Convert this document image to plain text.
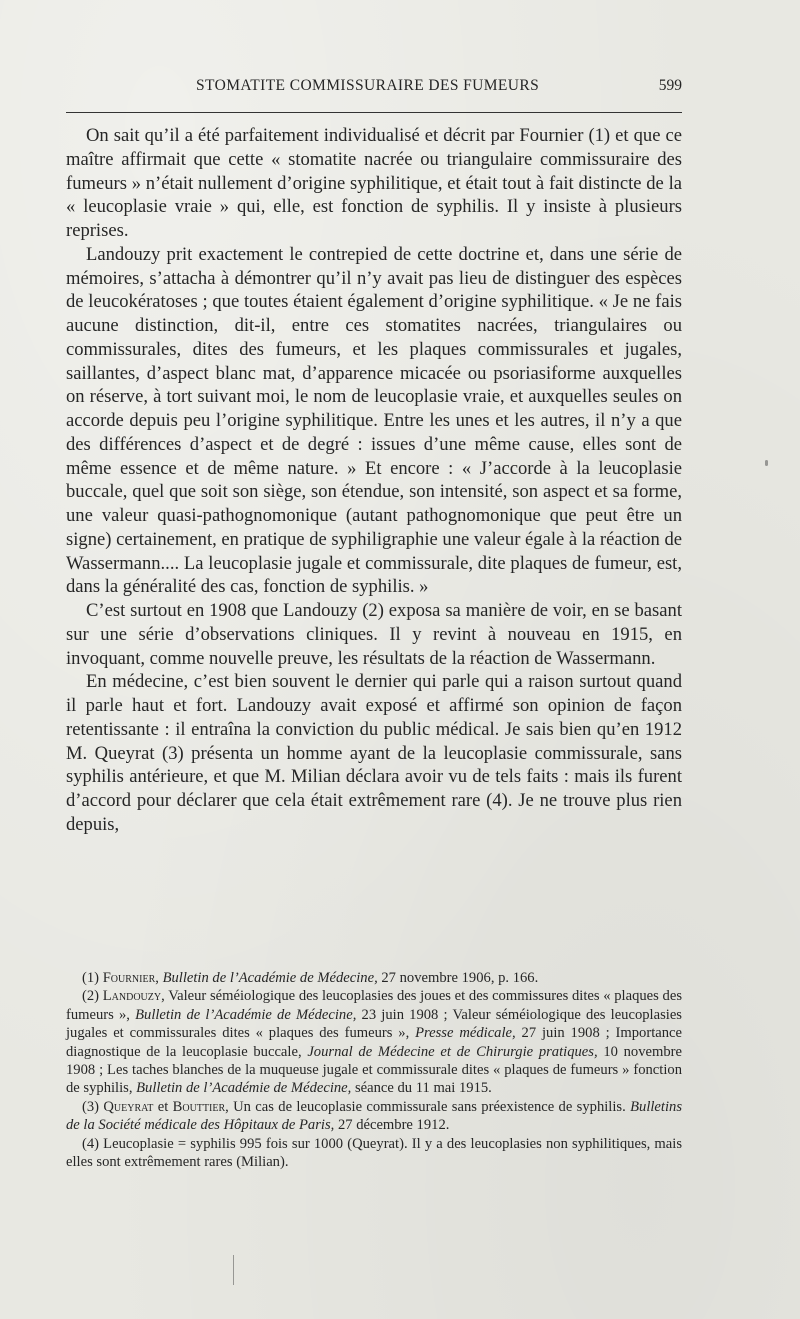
STOMATITE COMMISSURAIRE DES FUMEURS	599

On sait qu’il a été parfaitement individualisé et décrit par Fournier (1) et que ce maître affirmait que cette « stomatite nacrée ou triangulaire commissuraire des fumeurs » n’était nullement d’origine syphilitique, et était tout à fait distincte de la « leucoplasie vraie » qui, elle, est fonction de syphilis. Il y insiste à plusieurs reprises.

Landouzy prit exactement le contrepied de cette doctrine et, dans une série de mémoires, s’attacha à démontrer qu’il n’y avait pas lieu de distinguer des espèces de leucokératoses ; que toutes étaient également d’origine syphilitique. « Je ne fais aucune distinction, dit-il, entre ces stomatites nacrées, triangulaires ou commissurales, dites des fumeurs, et les plaques commissurales et jugales, saillantes, d’aspect blanc mat, d’apparence micacée ou psoriasiforme auxquelles on réserve, à tort suivant moi, le nom de leucoplasie vraie, et auxquelles seules on accorde depuis peu l’origine syphilitique. Entre les unes et les autres, il n’y a que des différences d’aspect et de degré : issues d’une même cause, elles sont de même essence et de même nature. » Et encore : « J’accorde à la leucoplasie buccale, quel que soit son siège, son étendue, son intensité, son aspect et sa forme, une valeur quasi-pathognomonique (autant pathognomonique que peut être un signe) certainement, en pratique de syphiligraphie une valeur égale à la réaction de Wassermann.... La leucoplasie jugale et commissurale, dite plaques de fumeur, est, dans la généralité des cas, fonction de syphilis. »

C’est surtout en 1908 que Landouzy (2) exposa sa manière de voir, en se basant sur une série d’observations cliniques. Il y revint à nouveau en 1915, en invoquant, comme nouvelle preuve, les résultats de la réaction de Wassermann.

En médecine, c’est bien souvent le dernier qui parle qui a raison surtout quand il parle haut et fort. Landouzy avait exposé et affirmé son opinion de façon retentissante : il entraîna la conviction du public médical. Je sais bien qu’en 1912 M. Queyrat (3) présenta un homme ayant de la leucoplasie commissurale, sans syphilis antérieure, et que M. Milian déclara avoir vu de tels faits : mais ils furent d’accord pour déclarer que cela était extrêmement rare (4). Je ne trouve plus rien depuis,

(1) Fournier, Bulletin de l’Académie de Médecine, 27 novembre 1906, p. 166.

(2) Landouzy, Valeur séméiologique des leucoplasies des joues et des commissures dites « plaques des fumeurs », Bulletin de l’Académie de Médecine, 23 juin 1908 ; Valeur séméiologique des leucoplasies jugales et commissurales dites « plaques des fumeurs », Presse médicale, 27 juin 1908 ; Importance diagnostique de la leucoplasie buccale, Journal de Médecine et de Chirurgie pratiques, 10 novembre 1908 ; Les taches blanches de la muqueuse jugale et commissurale dites « plaques de fumeurs » fonction de syphilis, Bulletin de l’Académie de Médecine, séance du 11 mai 1915.

(3) Queyrat et Bouttier, Un cas de leucoplasie commissurale sans préexistence de syphilis. Bulletins de la Société médicale des Hôpitaux de Paris, 27 décembre 1912.

(4) Leucoplasie = syphilis 995 fois sur 1000 (Queyrat). Il y a des leucoplasies non syphilitiques, mais elles sont extrêmement rares (Milian).
